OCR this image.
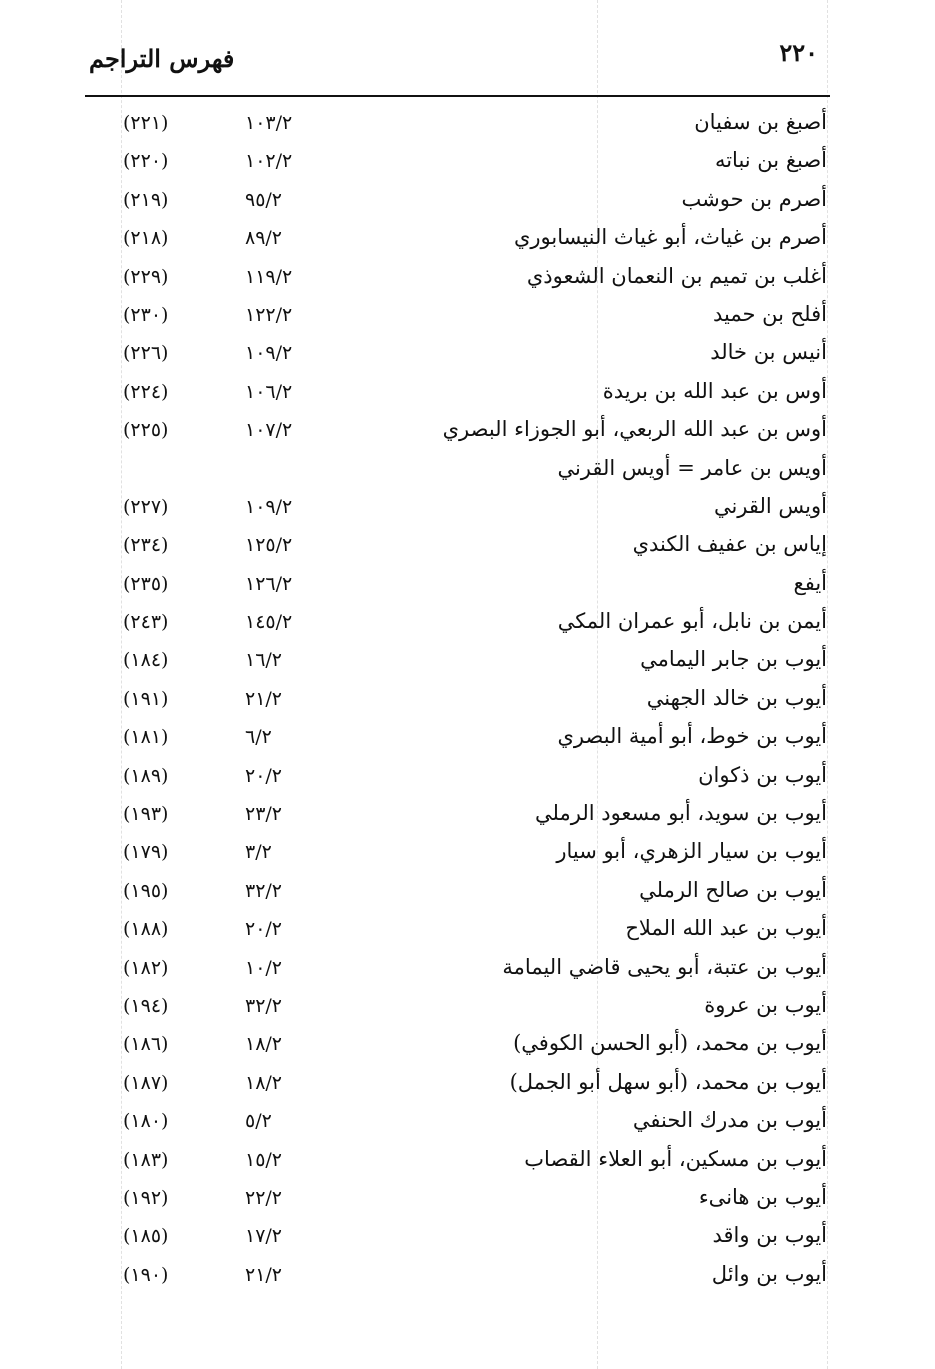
٢٢٠
فهرس التراجم
أصبغ بن سفيان
١٠٣/٢
(٢٢١)
أصبغ بن نباته
١٠٢/٢
(٢٢٠)
أصرم بن حوشب
٩٥/٢
(٢١٩)
أصرم بن غياث، أبو غياث النيسابوري
٨٩/٢
(٢١٨)
أغلب بن تميم بن النعمان الشعوذي
١١٩/٢
(٢٢٩)
أفلح بن حميد
١٢٢/٢
(٢٣٠)
أنيس بن خالد
١٠٩/٢
(٢٢٦)
أوس بن عبد الله بن بريدة
١٠٦/٢
(٢٢٤)
أوس بن عبد الله الربعي، أبو الجوزاء البصري
١٠٧/٢
(٢٢٥)
أويس بن عامر = أويس القرني
أويس القرني
١٠٩/٢
(٢٢٧)
إياس بن عفيف الكندي
١٢٥/٢
(٢٣٤)
أيفع
١٢٦/٢
(٢٣٥)
أيمن بن نابل، أبو عمران المكي
١٤٥/٢
(٢٤٣)
أيوب بن جابر اليمامي
١٦/٢
(١٨٤)
أيوب بن خالد الجهني
٢١/٢
(١٩١)
أيوب بن خوط، أبو أمية البصري
٦/٢
(١٨١)
أيوب بن ذكوان
٢٠/٢
(١٨٩)
أيوب بن سويد، أبو مسعود الرملي
٢٣/٢
(١٩٣)
أيوب بن سيار الزهري، أبو سيار
٣/٢
(١٧٩)
أيوب بن صالح الرملي
٣٢/٢
(١٩٥)
أيوب بن عبد الله الملاح
٢٠/٢
(١٨٨)
أيوب بن عتبة، أبو يحيى قاضي اليمامة
١٠/٢
(١٨٢)
أيوب بن عروة
٣٢/٢
(١٩٤)
أيوب بن محمد، (أبو الحسن الكوفي)
١٨/٢
(١٨٦)
أيوب بن محمد، (أبو سهل أبو الجمل)
١٨/٢
(١٨٧)
أيوب بن مدرك الحنفي
٥/٢
(١٨٠)
أيوب بن مسكين، أبو العلاء القصاب
١٥/٢
(١٨٣)
أيوب بن هانىء
٢٢/٢
(١٩٢)
أيوب بن واقد
١٧/٢
(١٨٥)
أيوب بن وائل
٢١/٢
(١٩٠)
